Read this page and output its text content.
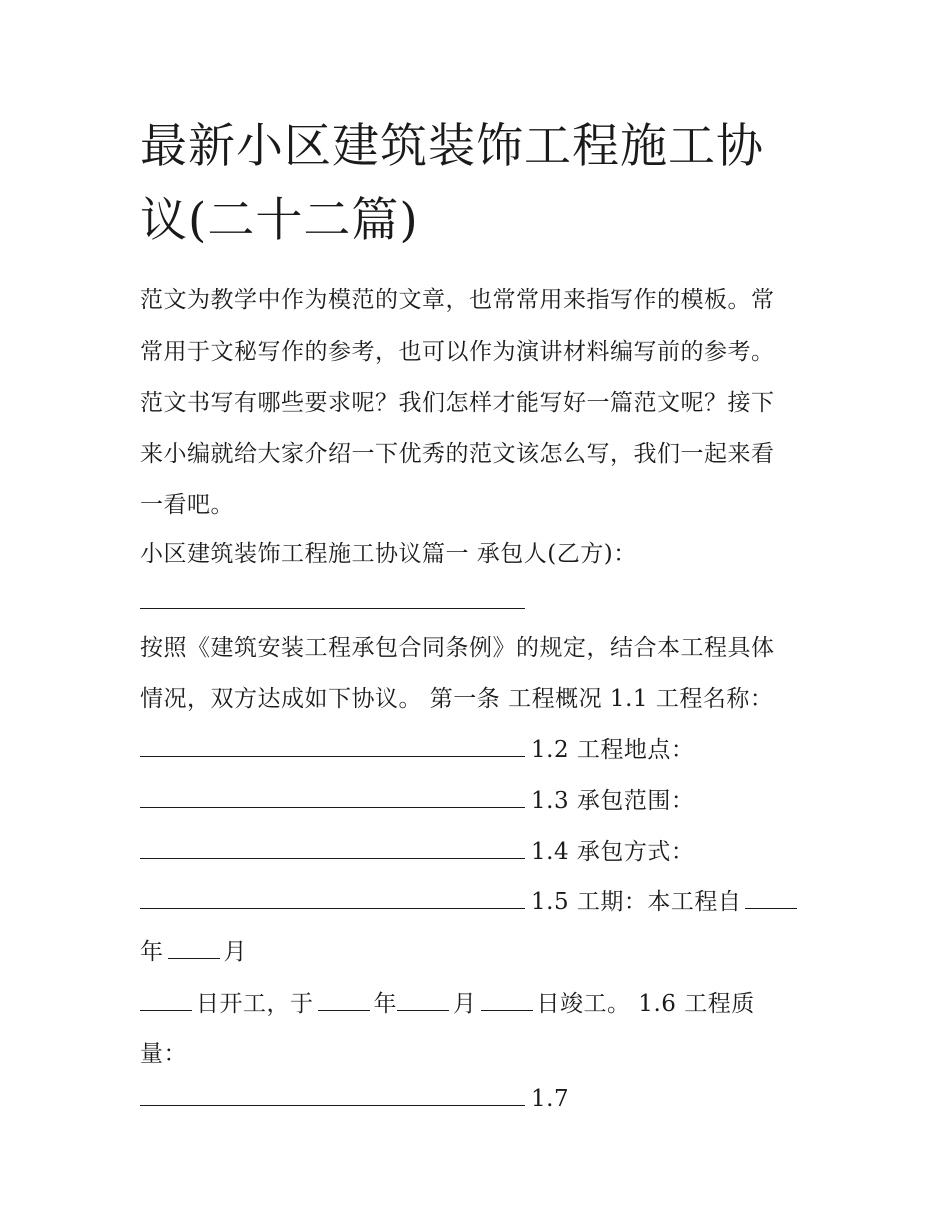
最新小区建筑装饰工程施工协
议(二十二篇)
范文为教学中作为模范的文章，也常常用来指写作的模板。常
常用于文秘写作的参考，也可以作为演讲材料编写前的参考。
范文书写有哪些要求呢？我们怎样才能写好一篇范文呢？接下
来小编就给大家介绍一下优秀的范文该怎么写，我们一起来看
一看吧。
小区建筑装饰工程施工协议篇一 承包人(乙方)：
按照《建筑安装工程承包合同条例》的规定，结合本工程具体
情况，双方达成如下协议。 第一条 工程概况 1.1 工程名称：
1.2 工程地点：
1.3 承包范围：
1.4 承包方式：
1.5 工期：本工程自
年	月
日开工，于	年 月	日竣工。 1.6 工程质
量：
1.7
